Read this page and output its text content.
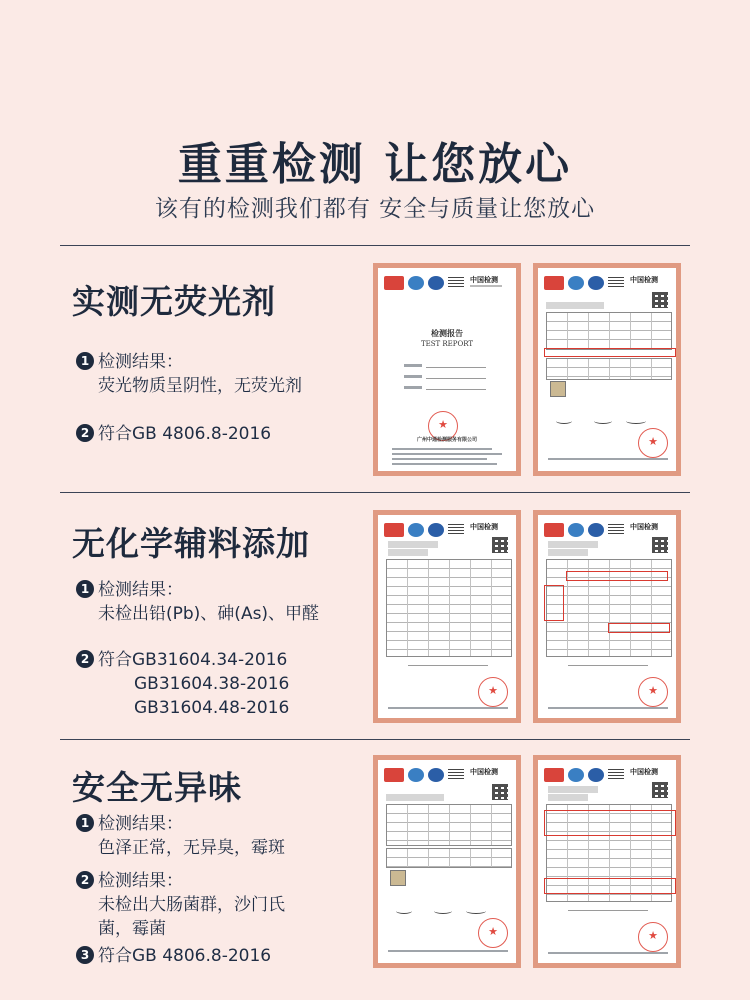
重重检测 让您放心
该有的检测我们都有 安全与质量让您放心
实测无荧光剂
1 检测结果：
荧光物质呈阴性，无荧光剂
2 符合GB 4806.8-2016
中国检测
检测报告
TEST REPORT
★
广州中通检测服务有限公司
中国检测
★
无化学辅料添加
1 检测结果：
未检出铅(Pb)、砷(As)、甲醛
2 符合GB31604.34-2016
GB31604.38-2016
GB31604.48-2016
中国检测
★	中国检测
★
安全无异味
1 检测结果：
色泽正常，无异臭，霉斑
2 检测结果：
未检出大肠菌群，沙门氏
菌，霉菌
3 符合GB 4806.8-2016
中国检测
★	中国检测
★
